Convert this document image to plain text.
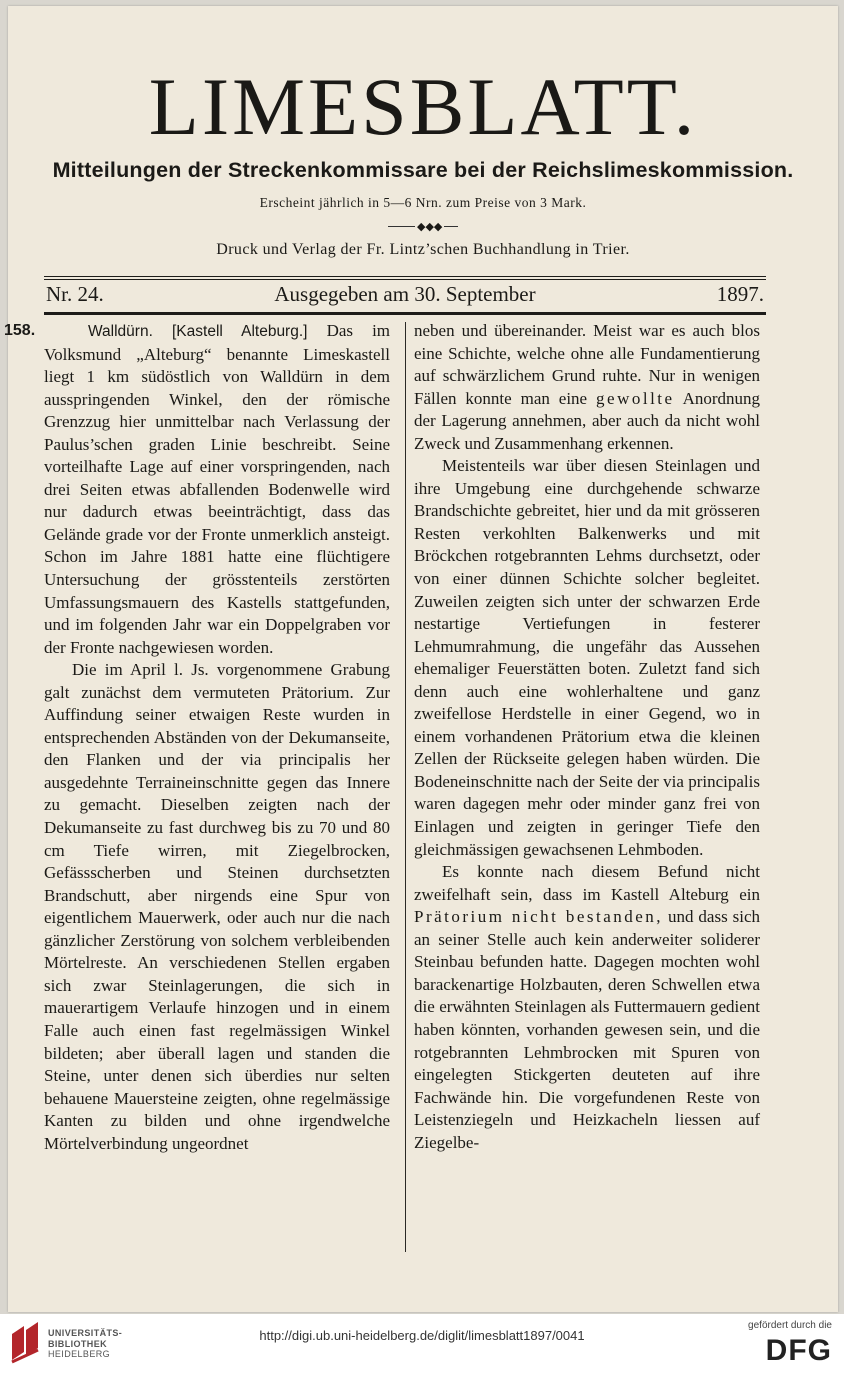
LIMESBLATT.
Mitteilungen der Streckenkommissare bei der Reichslimeskommission.
Erscheint jährlich in 5—6 Nrn. zum Preise von 3 Mark.
◆◆◆
Druck und Verlag der Fr. Lintz’schen Buchhandlung in Trier.
Nr. 24.	Ausgegeben am 30. September	1897.
158.	Walldürn. [Kastell Alteburg.] Das im Volksmund „Alteburg“ benannte Limeskastell liegt 1 km südöstlich von Walldürn in dem ausspringenden Winkel, den der römische Grenzzug hier unmittelbar nach Verlassung der Paulus’schen graden Linie beschreibt. Seine vorteilhafte Lage auf einer vorspringenden, nach drei Seiten etwas abfallenden Bodenwelle wird nur dadurch etwas beeinträchtigt, dass das Gelände grade vor der Fronte unmerklich ansteigt. Schon im Jahre 1881 hatte eine flüchtigere Untersuchung der grösstenteils zerstörten Umfassungsmauern des Kastells stattgefunden, und im folgenden Jahr war ein Doppelgraben vor der Fronte nachgewiesen worden.

Die im April l. Js. vorgenommene Grabung galt zunächst dem vermuteten Prätorium. Zur Auffindung seiner etwaigen Reste wurden in entsprechenden Abständen von der Dekumanseite, den Flanken und der via principalis her ausgedehnte Terraineinschnitte gegen das Innere zu gemacht. Dieselben zeigten nach der Dekumanseite zu fast durchweg bis zu 70 und 80 cm Tiefe wirren, mit Ziegelbrocken, Gefässscherben und Steinen durchsetzten Brandschutt, aber nirgends eine Spur von eigentlichem Mauerwerk, oder auch nur die nach gänzlicher Zerstörung von solchem verbleibenden Mörtelreste. An verschiedenen Stellen ergaben sich zwar Steinlagerungen, die sich in mauerartigem Verlaufe hinzogen und in einem Falle auch einen fast regelmässigen Winkel bildeten; aber überall lagen und standen die Steine, unter denen sich überdies nur selten behauene Mauersteine zeigten, ohne regelmässige Kanten zu bilden und ohne irgendwelche Mörtelverbindung ungeordnet

neben und übereinander. Meist war es auch blos eine Schichte, welche ohne alle Fundamentierung auf schwärzlichem Grund ruhte. Nur in wenigen Fällen konnte man eine gewollte Anordnung der Lagerung annehmen, aber auch da nicht wohl Zweck und Zusammenhang erkennen.

Meistenteils war über diesen Steinlagen und ihre Umgebung eine durchgehende schwarze Brandschichte gebreitet, hier und da mit grösseren Resten verkohlten Balkenwerks und mit Bröckchen rotgebrannten Lehms durchsetzt, oder von einer dünnen Schichte solcher begleitet. Zuweilen zeigten sich unter der schwarzen Erde nestartige Vertiefungen in festerer Lehmumrahmung, die ungefähr das Aussehen ehemaliger Feuerstätten boten. Zuletzt fand sich denn auch eine wohlerhaltene und ganz zweifellose Herdstelle in einer Gegend, wo in einem vorhandenen Prätorium etwa die kleinen Zellen der Rückseite gelegen haben würden. Die Bodeneinschnitte nach der Seite der via principalis waren dagegen mehr oder minder ganz frei von Einlagen und zeigten in geringer Tiefe den gleichmässigen gewachsenen Lehmboden.

Es konnte nach diesem Befund nicht zweifelhaft sein, dass im Kastell Alteburg ein Prätorium nicht bestanden, und dass sich an seiner Stelle auch kein anderweiter soliderer Steinbau befunden hatte. Dagegen mochten wohl barackenartige Holzbauten, deren Schwellen etwa die erwähnten Steinlagen als Futtermauern gedient haben könnten, vorhanden gewesen sein, und die rotgebrannten Lehmbrocken mit Spuren von eingelegten Stickgerten deuteten auf ihre Fachwände hin. Die vorgefundenen Reste von Leistenziegeln und Heizkacheln liessen auf Ziegelbe-

UNIVERSITÄTS-
BIBLIOTHEK
HEIDELBERG
http://digi.ub.uni-heidelberg.de/diglit/limesblatt1897/0041
gefördert durch die
DFG
